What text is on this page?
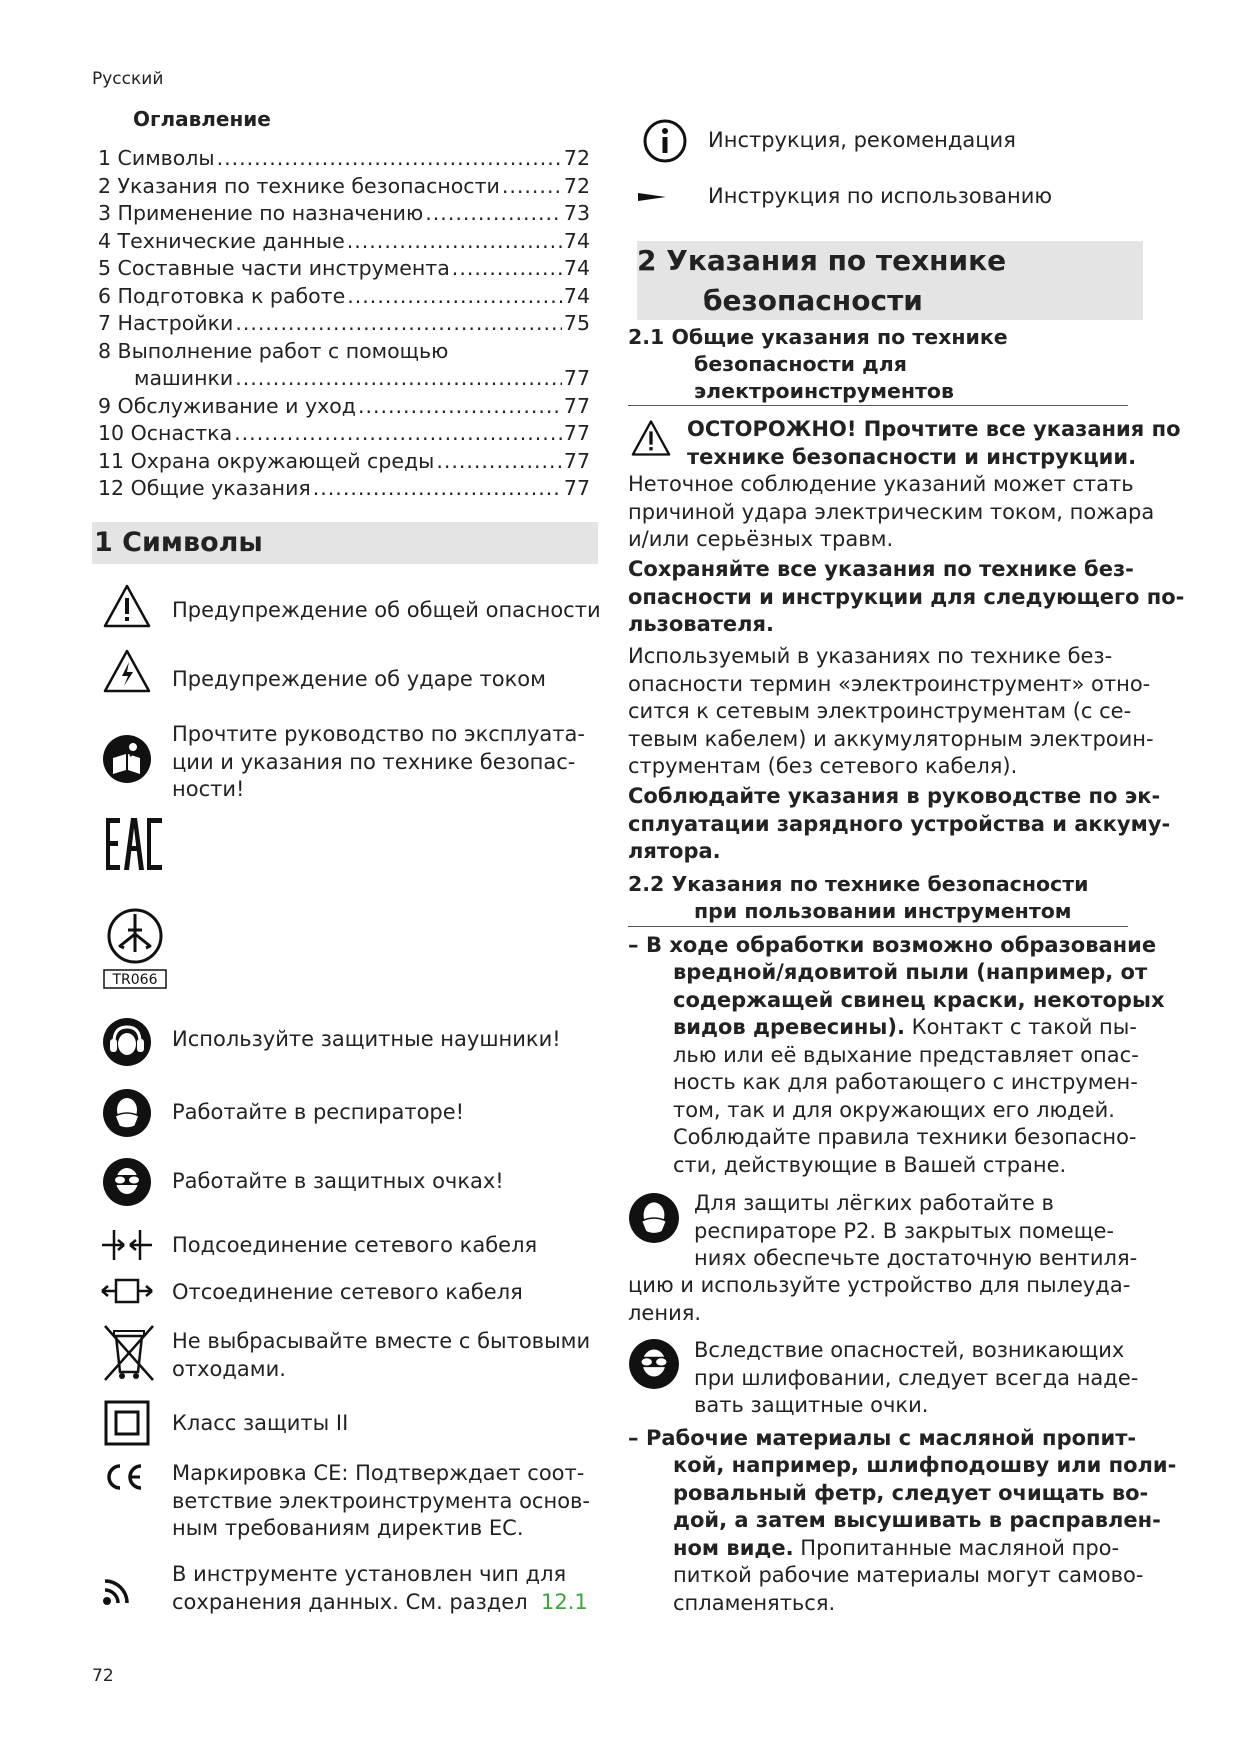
Русский
Оглавление
1 Символы .....	72
2 Указания по технике безопасности .....	72
3 Применение по назначению .....	73
4 Технические данные .....	74
5 Составные части инструмента .....	74
6 Подготовка к работе .....	74
7 Настройки .....	75
8 Выполнение работ с помощью
машинки .....	77
9 Обслуживание и уход .....	77
10 Оснастка .....	77
11 Охрана окружающей среды .....	77
12 Общие указания .....	77
1 Символы
Предупреждение об общей опасности
Предупреждение об ударе током
Прочтите руководство по эксплуата-
ции и указания по технике безопас-
ности!
TR066
Используйте защитные наушники!
Работайте в респираторе!
Работайте в защитных очках!
Подсоединение сетевого кабеля
Отсоединение сетевого кабеля
Не выбрасывайте вместе с бытовыми
отходами.
Класс защиты II
Маркировка CE: Подтверждает соот-
ветствие электроинструмента основ-
ным требованиям директив ЕС.
В инструменте установлен чип для
сохранения данных. См. раздел 12.1
Инструкция, рекомендация
Инструкция по использованию
2 Указания по технике
безопасности
2.1 Общие указания по технике
безопасности для
электроинструментов
ОСТОРОЖНО! Прочтите все указания по
технике безопасности и инструкции.
Неточное соблюдение указаний может стать
причиной удара электрическим током, пожара
и/или серьёзных травм.
Сохраняйте все указания по технике без-
опасности и инструкции для следующего по-
льзователя.
Используемый в указаниях по технике без-
опасности термин «электроинструмент» отно-
сится к сетевым электроинструментам (с се-
тевым кабелем) и аккумуляторным электроин-
струментам (без сетевого кабеля).
Соблюдайте указания в руководстве по эк-
сплуатации зарядного устройства и аккуму-
лятора.
2.2 Указания по технике безопасности
при пользовании инструментом
– В ходе обработки возможно образование
вредной/ядовитой пыли (например, от
содержащей свинец краски, некоторых
видов древесины). Контакт с такой пы-
лью или её вдыхание представляет опас-
ность как для работающего с инструмен-
том, так и для окружающих его людей.
Соблюдайте правила техники безопасно-
сти, действующие в Вашей стране.
Для защиты лёгких работайте в
респираторе P2. В закрытых помеще-
ниях обеспечьте достаточную вентиля-
цию и используйте устройство для пылеуда-
ления.
Вследствие опасностей, возникающих
при шлифовании, следует всегда наде-
вать защитные очки.
– Рабочие материалы с масляной пропит-
кой, например, шлифподошву или поли-
ровальный фетр, следует очищать во-
дой, а затем высушивать в расправлен-
ном виде. Пропитанные масляной про-
питкой рабочие материалы могут самово-
спламеняться.
72
